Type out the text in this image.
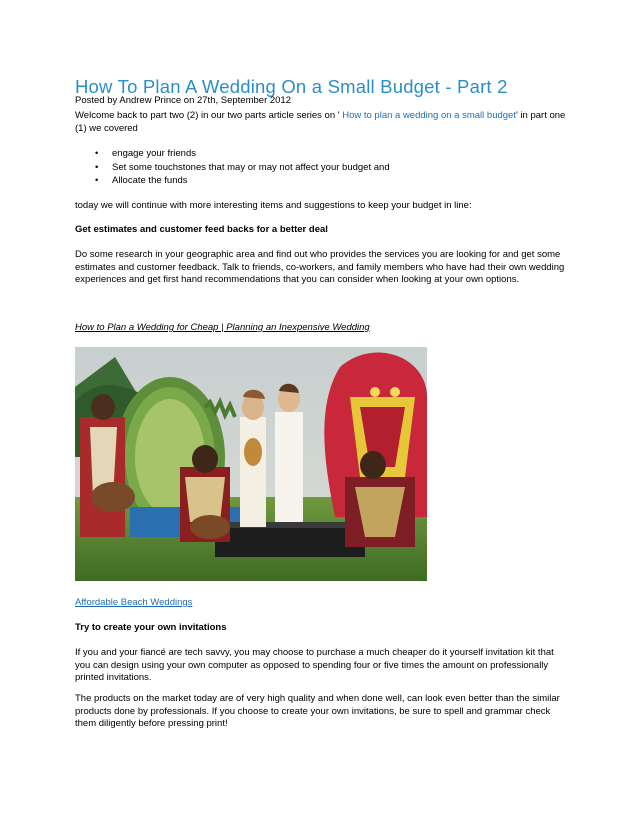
How To Plan A Wedding On a Small Budget - Part 2
Posted by Andrew Prince on 27th, September 2012
Welcome back to part two (2) in our two parts article series on ' How to plan a wedding on a small budget' in part one (1) we covered
• engage your friends
• Set some touchstones that may or may not affect your budget and
• Allocate the funds
today we will continue with more interesting items and suggestions to keep your budget in line:
Get estimates and customer feed backs for a better deal
Do some research in your geographic area and find out who provides the services you are looking for and get some estimates and customer feedback. Talk to friends, co-workers, and family members who have had their own wedding experiences and get first hand recommendations that you can consider when looking at your own options.
How to Plan a Wedding for Cheap | Planning an Inexpensive Wedding
Affordable Beach Weddings
Try to create your own invitations
If you and your fiancé are tech savvy, you may choose to purchase a much cheaper do it yourself invitation kit that you can design using your own computer as opposed to spending four or five times the amount on professionally printed invitations.
The products on the market today are of very high quality and when done well, can look even better than the similar products done by professionals. If you choose to create your own invitations, be sure to spell and grammar check them diligently before pressing print!
